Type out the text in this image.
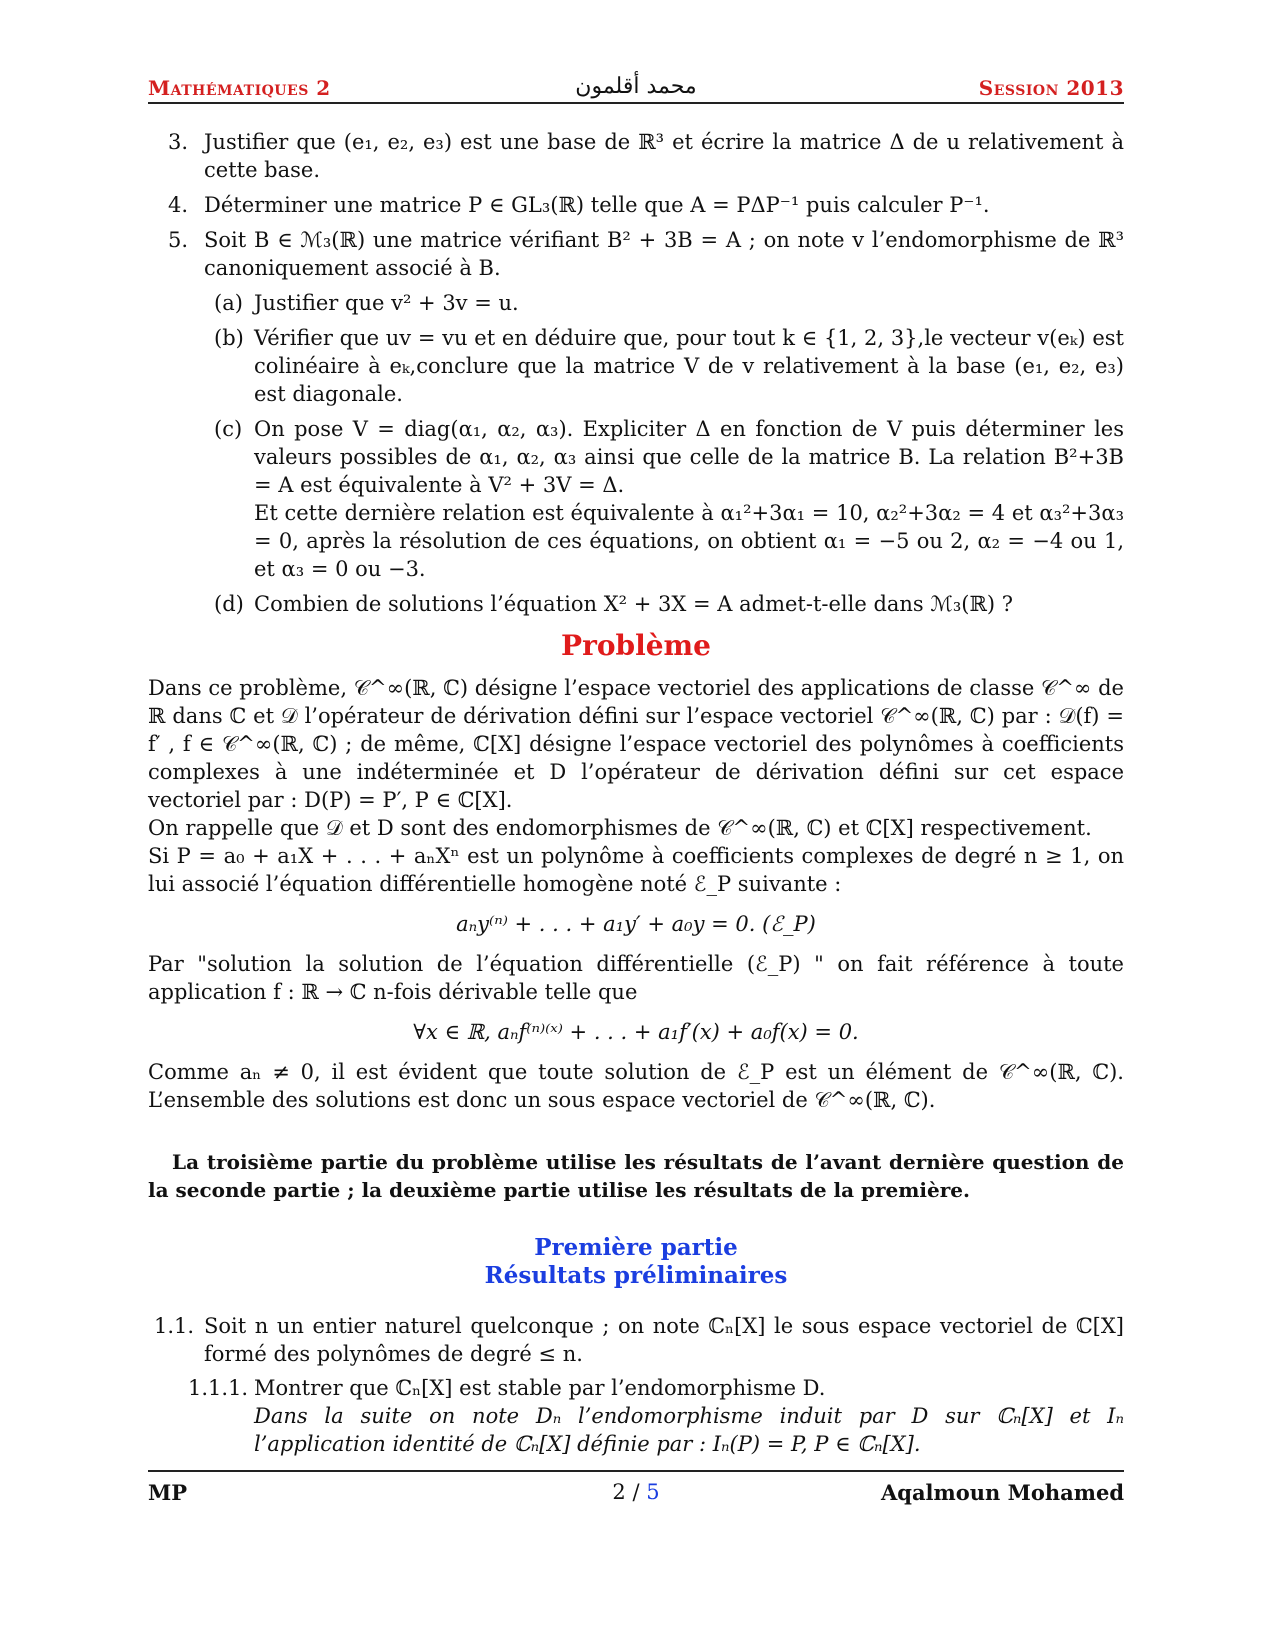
Mathématiques 2	محمد أقلمون	Session 2013
3. Justifier que (e₁, e₂, e₃) est une base de ℝ³ et écrire la matrice Δ de u relativement à cette base.
4. Déterminer une matrice P ∈ GL₃(ℝ) telle que A = PΔP⁻¹ puis calculer P⁻¹.
5. Soit B ∈ ℳ₃(ℝ) une matrice vérifiant B² + 3B = A ; on note v l’endomorphisme de ℝ³ canoniquement associé à B.
(a) Justifier que v² + 3v = u.
(b) Vérifier que uv = vu et en déduire que, pour tout k ∈ {1, 2, 3},le vecteur v(eₖ) est colinéaire à eₖ,conclure que la matrice V de v relativement à la base (e₁, e₂, e₃) est diagonale.
(c) On pose V = diag(α₁, α₂, α₃). Expliciter Δ en fonction de V puis déterminer les valeurs possibles de α₁, α₂, α₃ ainsi que celle de la matrice B. La relation B²+3B = A est équivalente à V² + 3V = Δ.
Et cette dernière relation est équivalente à α₁²+3α₁ = 10, α₂²+3α₂ = 4 et α₃²+3α₃ = 0, après la résolution de ces équations, on obtient α₁ = −5 ou 2, α₂ = −4 ou 1, et α₃ = 0 ou −3.
(d) Combien de solutions l’équation X² + 3X = A admet-t-elle dans ℳ₃(ℝ) ?
Problème

Dans ce problème, 𝒞^∞(ℝ, ℂ) désigne l’espace vectoriel des applications de classe 𝒞^∞ de ℝ dans ℂ et 𝒟 l’opérateur de dérivation défini sur l’espace vectoriel 𝒞^∞(ℝ, ℂ) par : 𝒟(f) = f′ , f ∈ 𝒞^∞(ℝ, ℂ) ; de même, ℂ[X] désigne l’espace vectoriel des polynômes à coefficients complexes à une indéterminée et D l’opérateur de dérivation défini sur cet espace vectoriel par : D(P) = P′, P ∈ ℂ[X].

On rappelle que 𝒟 et D sont des endomorphismes de 𝒞^∞(ℝ, ℂ) et ℂ[X] respectivement.

Si P = a₀ + a₁X + . . . + aₙXⁿ est un polynôme à coefficients complexes de degré n ≥ 1, on lui associé l’équation différentielle homogène noté ℰ_P suivante :

aₙy⁽ⁿ⁾ + . . . + a₁y′ + a₀y = 0. (ℰ_P)

Par "solution la solution de l’équation différentielle (ℰ_P) " on fait référence à toute application f : ℝ → ℂ n-fois dérivable telle que

∀x ∈ ℝ, aₙf⁽ⁿ⁾⁽ˣ⁾ + . . . + a₁f′(x) + a₀f(x) = 0.

Comme aₙ ≠ 0, il est évident que toute solution de ℰ_P est un élément de 𝒞^∞(ℝ, ℂ). L’ensemble des solutions est donc un sous espace vectoriel de 𝒞^∞(ℝ, ℂ).

La troisième partie du problème utilise les résultats de l’avant dernière question de la seconde partie ; la deuxième partie utilise les résultats de la première.

Première partie
Résultats préliminaires
1.1. Soit n un entier naturel quelconque ; on note ℂₙ[X] le sous espace vectoriel de ℂ[X] formé des polynômes de degré ≤ n.
1.1.1. Montrer que ℂₙ[X] est stable par l’endomorphisme D.
Dans la suite on note Dₙ l’endomorphisme induit par D sur ℂₙ[X] et Iₙ l’application identité de ℂₙ[X] définie par : Iₙ(P) = P, P ∈ ℂₙ[X].
MP	2 / 5	Aqalmoun Mohamed
